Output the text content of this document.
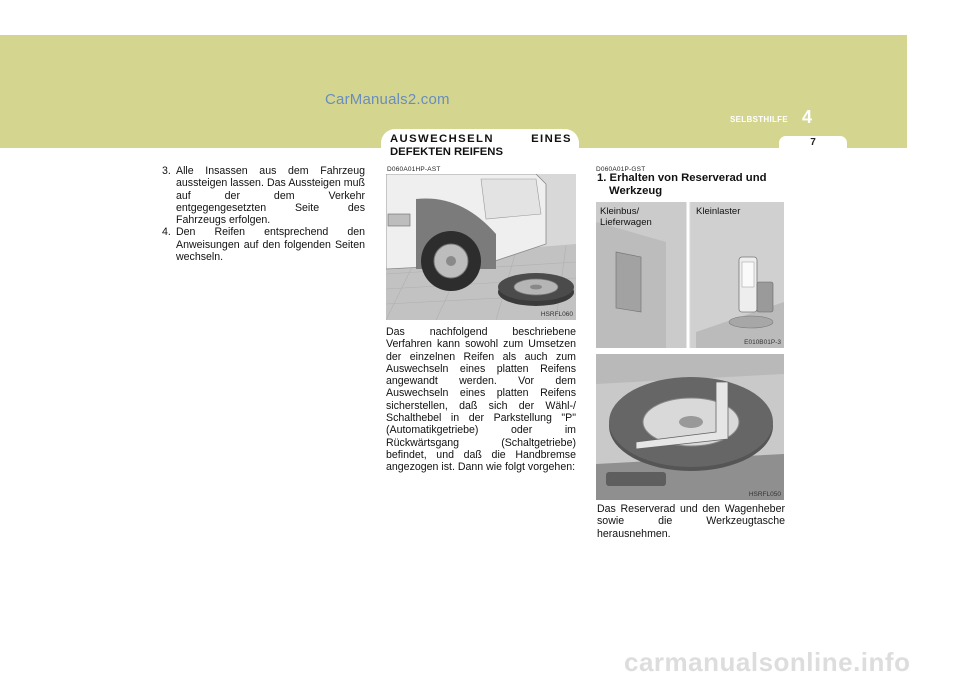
CarManuals2.com
SELBSTHILFE 4
7
AUSWECHSELN	EINES
DEFEKTEN REIFENS
3. Alle Insassen aus dem Fahrzeug aussteigen lassen. Das Aussteigen muß auf der dem Verkehr entgegengesetzten Seite des Fahrzeugs erfolgen.
4. Den Reifen entsprechend den Anweisungen auf den folgenden Seiten wechseln.
D060A01HP-AST
HSRFL060
Das nachfolgend beschriebene Verfahren kann sowohl zum Umsetzen der einzelnen Reifen als auch zum Auswechseln eines platten Reifens angewandt werden. Vor dem Auswechseln eines platten Reifens sicherstellen, daß sich der Wähl-/ Schalthebel in der Parkstellung "P" (Automatikgetriebe) oder im Rückwärtsgang (Schaltgetriebe) befindet, und daß die Handbremse angezogen ist. Dann wie folgt vorgehen:
D060A01P-GST
1. Erhalten von Reserverad und
Werkzeug
Kleinbus/
Lieferwagen
Kleinlaster
E010B01P-3
HSRFL050
Das Reserverad und den Wagenheber sowie die Werkzeugtasche herausnehmen.
carmanualsonline.info
